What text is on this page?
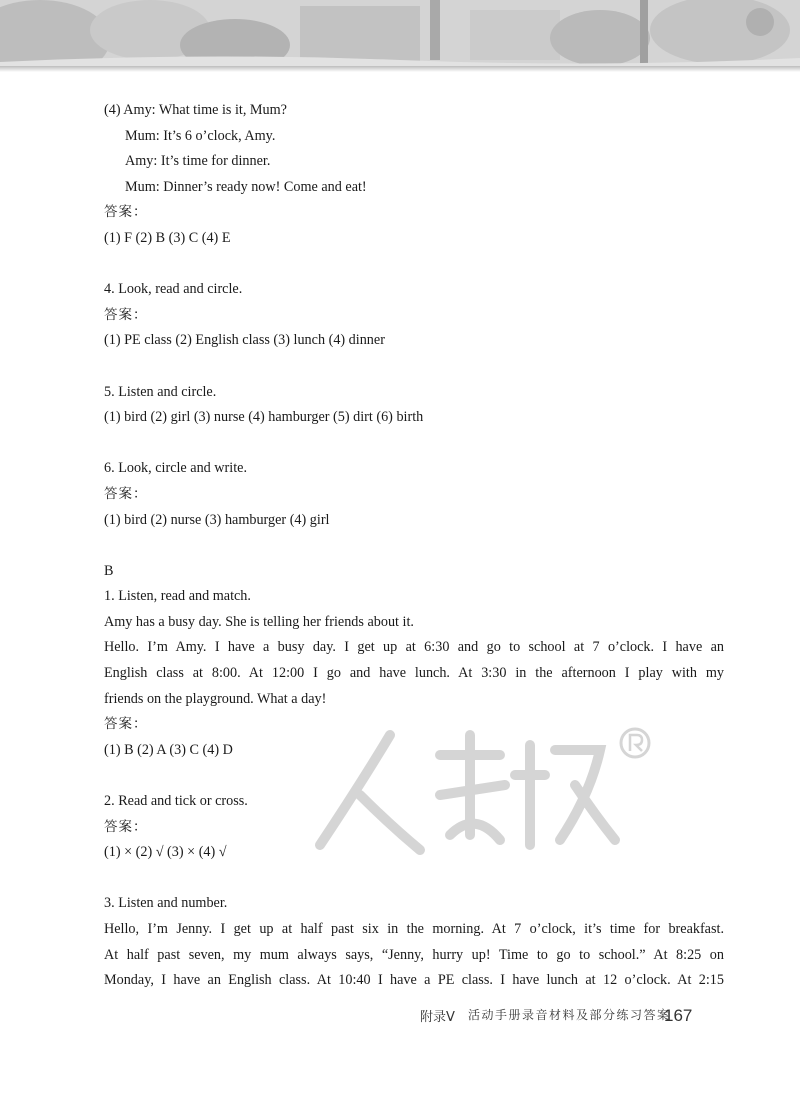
(4) Amy: What time is it, Mum?
Mum: It’s 6 o’clock, Amy.
Amy: It’s time for dinner.
Mum: Dinner’s ready now! Come and eat!
答案：
(1) F (2) B (3) C (4) E
4. Look, read and circle.
答案：
(1) PE class (2) English class (3) lunch (4) dinner
5. Listen and circle.
(1) bird (2) girl (3) nurse (4) hamburger (5) dirt (6) birth
6. Look, circle and write.
答案：
(1) bird (2) nurse (3) hamburger (4) girl
B
1. Listen, read and match.
Amy has a busy day. She is telling her friends about it.
Hello. I’m Amy. I have a busy day. I get up at 6:30 and go to school at 7 o’clock. I have an
English class at 8:00. At 12:00 I go and have lunch. At 3:30 in the afternoon I play with my
friends on the playground. What a day!
答案：
(1) B (2) A (3) C (4) D
2. Read and tick or cross.
答案：
(1) × (2) √ (3) × (4) √
3. Listen and number.
Hello, I’m Jenny. I get up at half past six in the morning. At 7 o’clock, it’s time for breakfast.
At half past seven, my mum always says, “Jenny, hurry up! Time to go to school.” At 8:25 on
Monday, I have an English class. At 10:40 I have a PE class. I have lunch at 12 o’clock. At 2:15
附录V 活动手册录音材料及部分练习答案
167
